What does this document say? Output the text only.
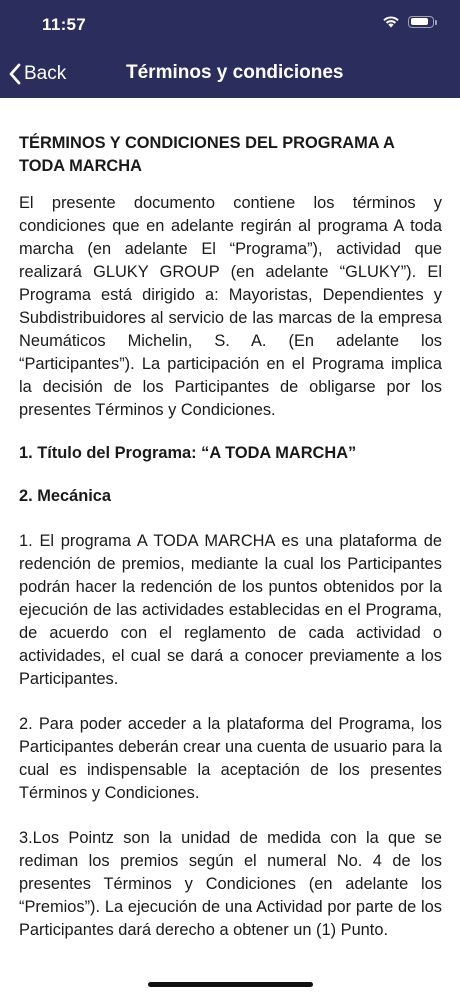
11:57
Back	Términos y condiciones

TÉRMINOS Y CONDICIONES DEL PROGRAMA A TODA MARCHA

El presente documento contiene los términos y condiciones que en adelante regirán al programa A toda marcha (en adelante El “Programa”), actividad que realizará GLUKY GROUP (en adelante “GLUKY”). El Programa está dirigido a: Mayoristas, Dependientes y Subdistribuidores al servicio de las marcas de la empresa Neumáticos Michelin, S. A. (En adelante los “Participantes”). La participación en el Programa implica la decisión de los Participantes de obligarse por los presentes Términos y Condiciones.

1. Título del Programa: “A TODA MARCHA”

2. Mecánica

1. El programa A TODA MARCHA es una plataforma de redención de premios, mediante la cual los Participantes podrán hacer la redención de los puntos obtenidos por la ejecución de las actividades establecidas en el Programa, de acuerdo con el reglamento de cada actividad o actividades, el cual se dará a conocer previamente a los Participantes.

2. Para poder acceder a la plataforma del Programa, los Participantes deberán crear una cuenta de usuario para la cual es indispensable la aceptación de los presentes Términos y Condiciones.

3.Los Pointz son la unidad de medida con la que se rediman los premios según el numeral No. 4 de los presentes Términos y Condiciones (en adelante los “Premios”). La ejecución de una Actividad por parte de los Participantes dará derecho a obtener un (1) Punto.
